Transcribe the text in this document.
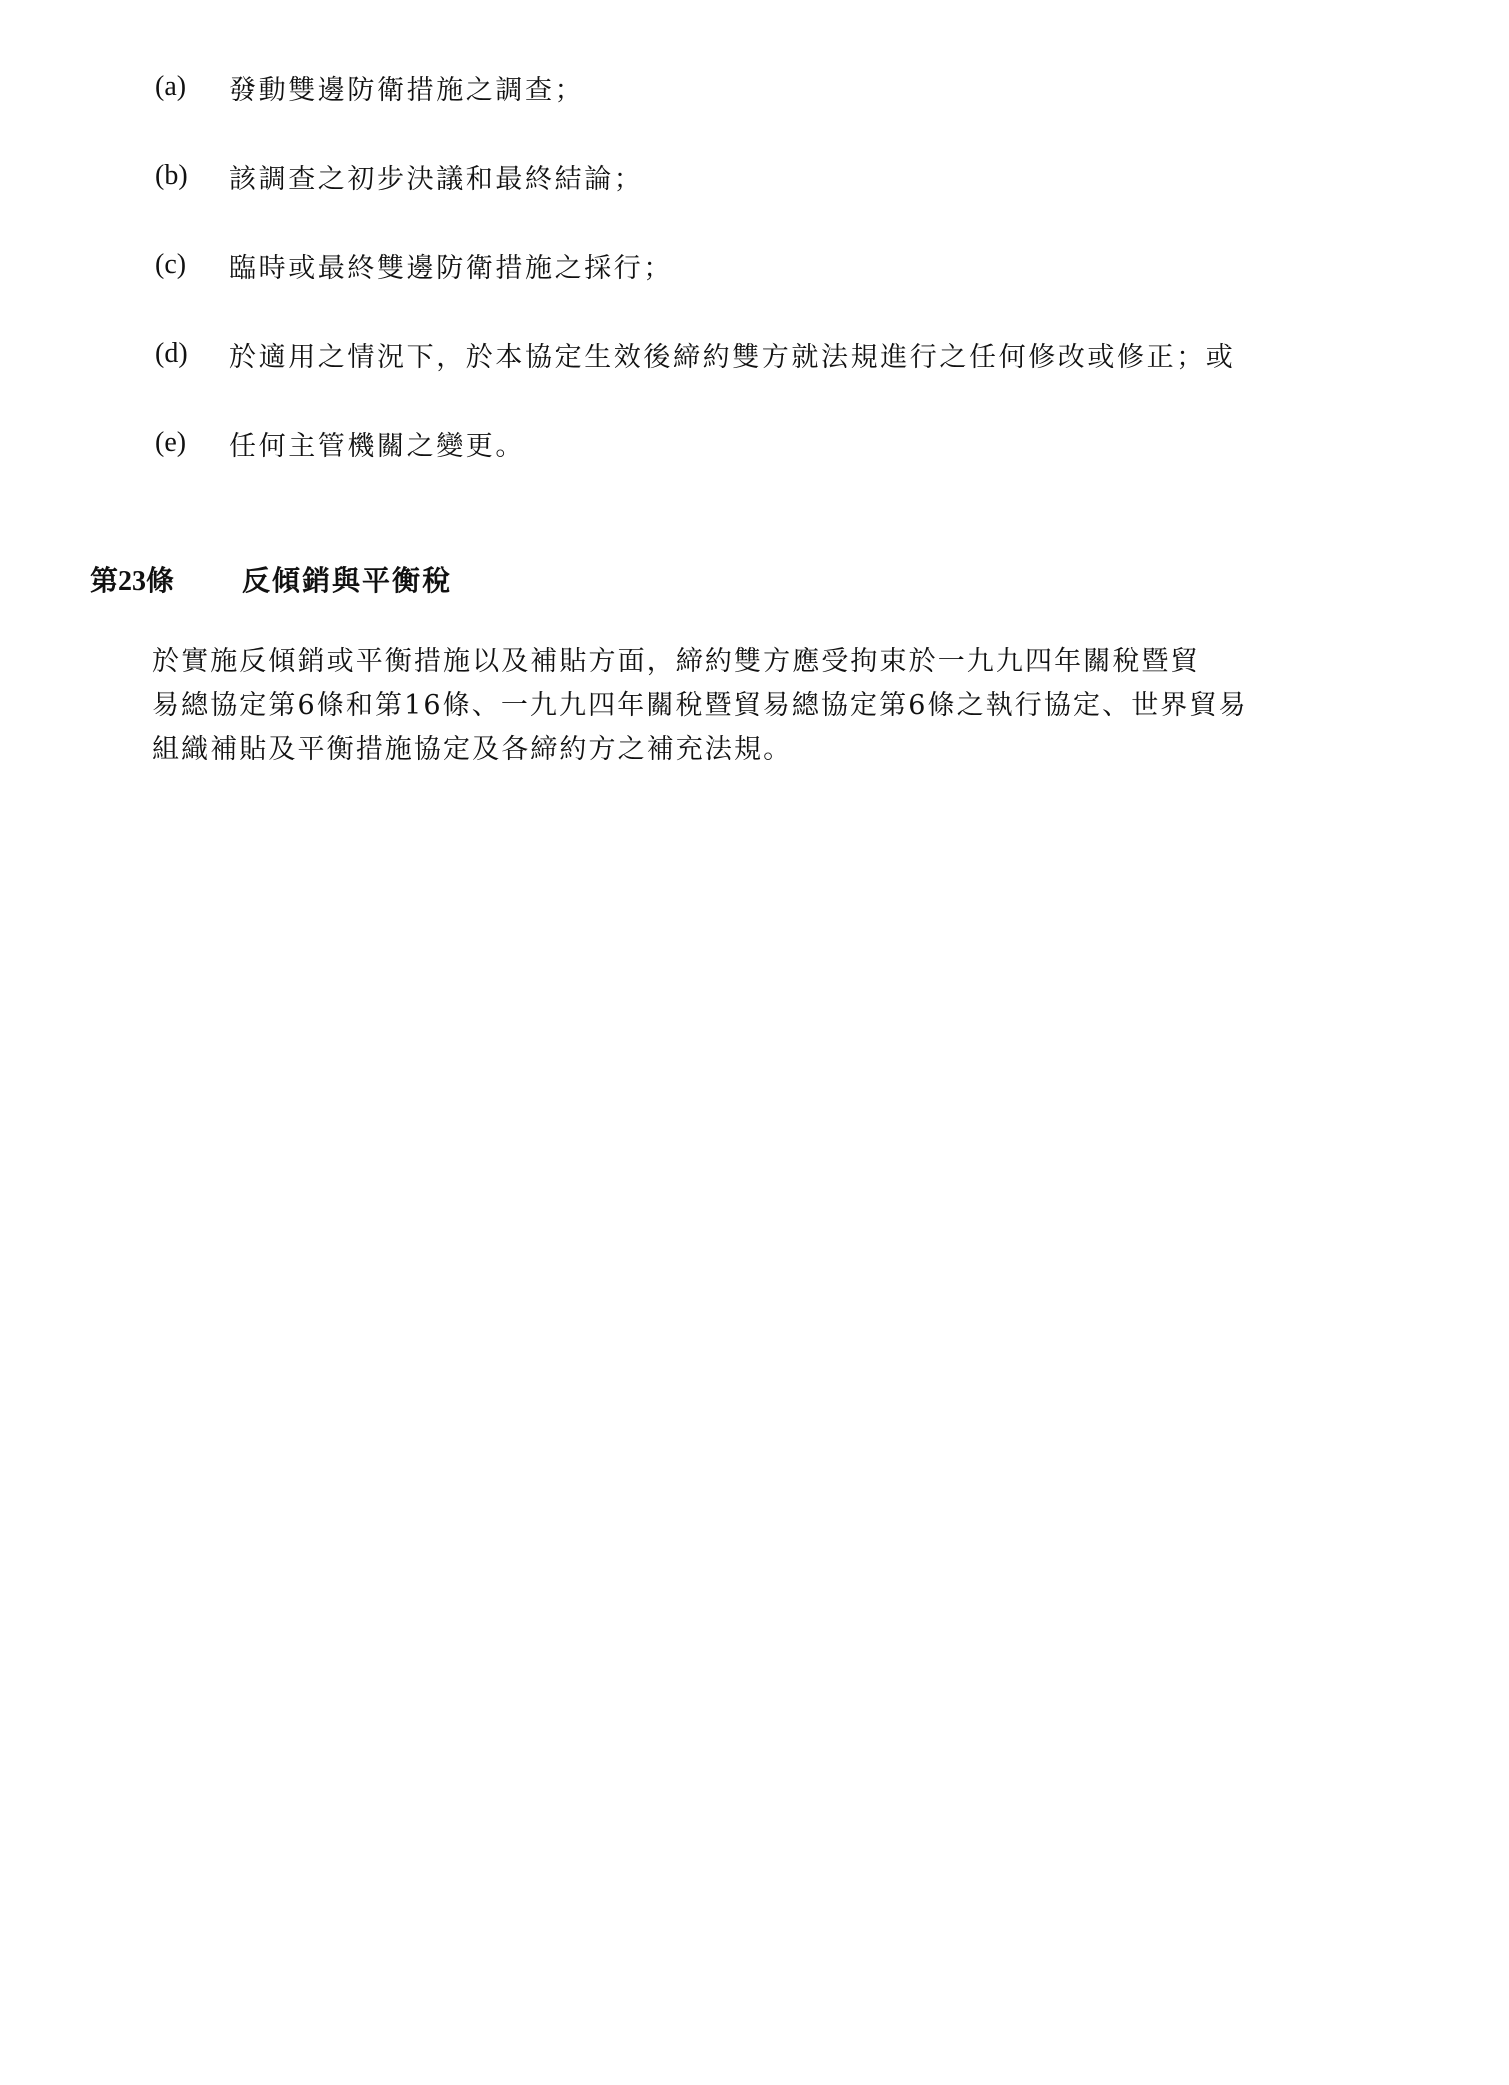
(a)	發動雙邊防衛措施之調查；
(b)	該調查之初步決議和最終結論；
(c)	臨時或最終雙邊防衛措施之採行；
(d)	於適用之情況下，於本協定生效後締約雙方就法規進行之任何修改或修正；或
(e)	任何主管機關之變更。
第23條	反傾銷與平衡稅
於實施反傾銷或平衡措施以及補貼方面，締約雙方應受拘束於一九九四年關稅暨貿
易總協定第6條和第16條、一九九四年關稅暨貿易總協定第6條之執行協定、世界貿易
組織補貼及平衡措施協定及各締約方之補充法規。
